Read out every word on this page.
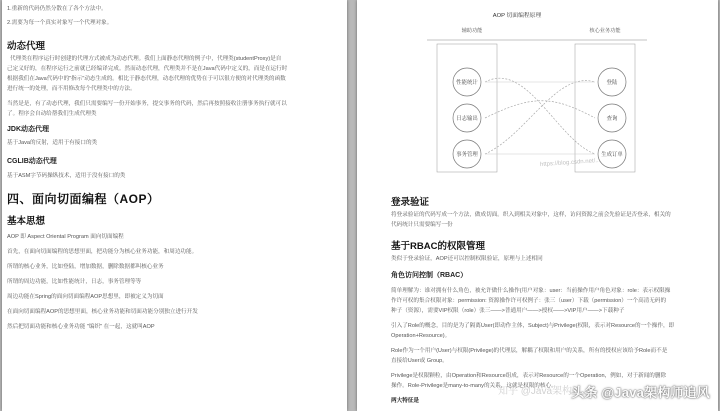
1.重新的代码仍然分散在了各个方法中。
2.需要为每一个真实对象写一个代理对象。
动态代理
代理类在程序运行时创建的代理方式被成为动态代理。我们上面静态代理的例子中，代理类(studentProxy)是自
己定义好的，在程序运行之前就已经编译完成。然而动态代理，代理类并不是在Java代码中定义的，而是在运行时
根据我们在Java代码中的"指示"动态生成的。相比于静态代理，动态代理的优势在于可以很方便的对代理类的函数
进行统一的处理，而不用修改每个代理类中的方法。
当然是是，有了动态代理，我们只需要编写一份开始事务，提交事务的代码，然后再按照接收注册事务执行就可以
了。程序会自动给帮我们生成代理类
JDK动态代理
基于Java的反射，适用于有接口的类
CGLIB动态代理
基于ASM字节码操纵技术，适用于没有接口的类
四、面向切面编程（AOP）
基本思想
AOP 即 Aspect Oriental Program 面向切面编程
首先，在面向切面编程的思想里面，把功能分为核心业务功能，和周边功能。
所谓的核心业务，比如登陆，增加数据，删除数据都叫核心业务
所谓的周边功能，比如性能统计，日志，事务管理等等
周边功能在Spring的面向切面编程AOP思想里，即被定义为切面
在面向切面编程AOP的思想里面，核心业务功能和切面功能分别独立进行开发
然后把切面功能和核心业务功能 "编织" 在一起，这就叫AOP
AOP 切面编程原理
辅助功能	核心业务功能
性能统计
日志输出
事务管理
登陆
查询
生成订单
登录验证
将登录验证的代码写成一个方法，做成切面。织入到相关对象中，这样，访问资源之前会先验证是否登录，相关的
代码统计只需要编写一份
基于RBAC的权限管理
类似于登录验证，AOP还可以控制权限验证，原理与上述相同
角色访问控制（RBAC）
简单理解为：谁对拥有什么角色，被允许做什么操作(用户对象：user：当前操作用户角色对象：role：表示权限操
作许可权的集合权限对象：permission: 资源操作许可权例子：张三（user）下载（permission）一个高清无码的
种子（资源），需要VIP权限（role）张三——>普通用户——>授权——>VIP用户——>下载种子
引入了Role的概念，目的是为了隔离User(即动作主体，Subject)与Privilege(权限，表示对Resource的一个操作，即
Operation+Resource)。
Role作为一个用户(User)与权限(Privilege)的代理层，解耦了权限和用户的关系，所有的授权应该给予Role而不是
直接给User或 Group。
Privilege是权限颗粒，由Operation和Resource组成，表示对Resource的一个Operation，例如，对于新闻的删除
操作。Role-Privilege是many-to-many的关系，这就是权限的核心。
两大特征是
https://blog.csdn.net/...
知乎 @Java架构 头条 @Java架构师追风
